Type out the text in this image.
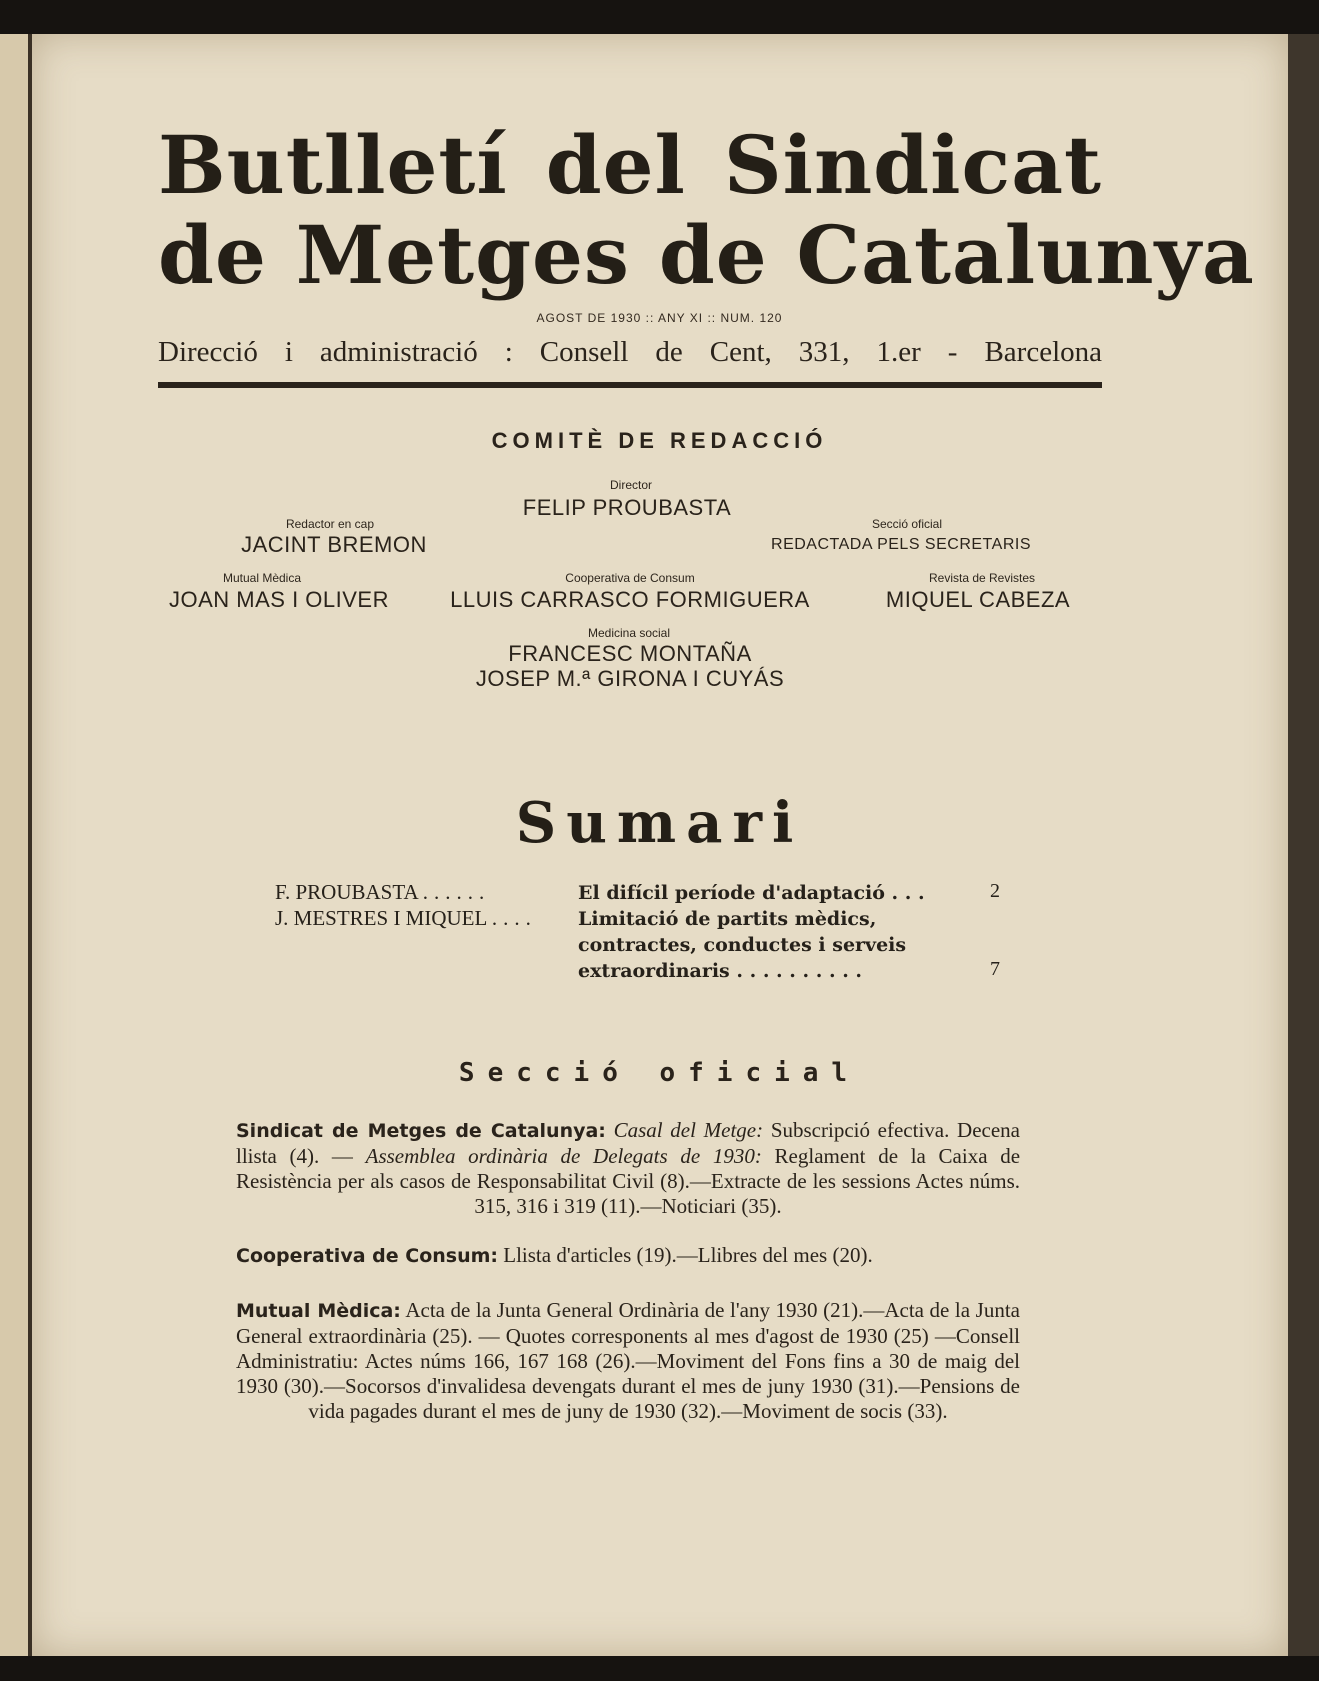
Butlletí del Sindicat
de Metges de Catalunya
AGOST DE 1930 :: ANY XI :: NUM. 120
Direcció i administració : Consell de Cent, 331, 1.er - Barcelona
COMITÈ DE REDACCIÓ
Director
FELIP PROUBASTA
Redactor en cap
JACINT BREMON
Secció oficial
REDACTADA PELS SECRETARIS
Mutual Mèdica
JOAN MAS I OLIVER
Cooperativa de Consum
LLUIS CARRASCO FORMIGUERA
Revista de Revistes
MIQUEL CABEZA
Medicina social
FRANCESC MONTAÑA
JOSEP M.ª GIRONA I CUYÁS
Sumari
F. PROUBASTA ......	El difícil període d'adaptació . . .	2
J. MESTRES I MIQUEL .... Limitació de partits mèdics, contractes, conductes i serveis extraordinaris . . . . . . . . . .	7
Secció oficial
Sindicat de Metges de Catalunya: Casal del Metge: Subscripció efectiva. Decena llista (4). — Assemblea ordinària de Delegats de 1930: Reglament de la Caixa de Resistència per als casos de Responsabilitat Civil (8).—Extracte de les sessions Actes núms. 315, 316 i 319 (11).—Noticiari (35).
Cooperativa de Consum: Llista d'articles (19).—Llibres del mes (20).
Mutual Mèdica: Acta de la Junta General Ordinària de l'any 1930 (21).—Acta de la Junta General extraordinària (25). — Quotes corresponents al mes d'agost de 1930 (25) —Consell Administratiu: Actes núms 166, 167 168 (26).—Moviment del Fons fins a 30 de maig del 1930 (30).—Socorsos d'invalidesa devengats durant el mes de juny 1930 (31).—Pensions de vida pagades durant el mes de juny de 1930 (32).—Moviment de socis (33).
